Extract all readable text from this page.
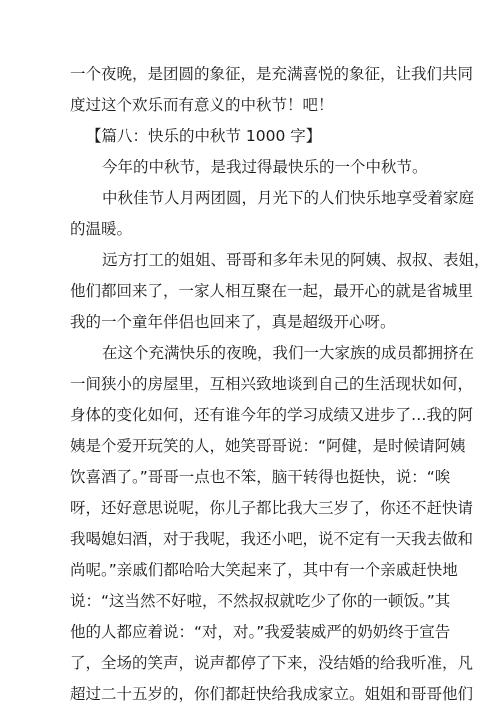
一个夜晚，是团圆的象征，是充满喜悦的象征，让我们共同
度过这个欢乐而有意义的中秋节！吧！
【篇八：快乐的中秋节 1000 字】
今年的中秋节，是我过得最快乐的一个中秋节。
中秋佳节人月两团圆，月光下的人们快乐地享受着家庭
的温暖。
远方打工的姐姐、哥哥和多年未见的阿姨、叔叔、表姐，
他们都回来了，一家人相互聚在一起，最开心的就是省城里
我的一个童年伴侣也回来了，真是超级开心呀。
在这个充满快乐的夜晚，我们一大家族的成员都拥挤在
一间狭小的房屋里，互相兴致地谈到自己的生活现状如何，
身体的变化如何，还有谁今年的学习成绩又进步了…我的阿
姨是个爱开玩笑的人，她笑哥哥说：“阿健，是时候请阿姨
饮喜酒了。”哥哥一点也不笨，脑干转得也挺快，说：“唉
呀，还好意思说呢，你儿子都比我大三岁了，你还不赶快请
我喝媳妇酒，对于我呢，我还小吧，说不定有一天我去做和
尚呢。”亲戚们都哈哈大笑起来了，其中有一个亲戚赶快地
说：“这当然不好啦，不然叔叔就吃少了你的一顿饭。”其
他的人都应着说：“对，对。”我爱装威严的奶奶终于宣告
了，全场的笑声，说声都停了下来，没结婚的给我听准，凡
超过二十五岁的，你们都赶快给我成家立。姐姐和哥哥他们
